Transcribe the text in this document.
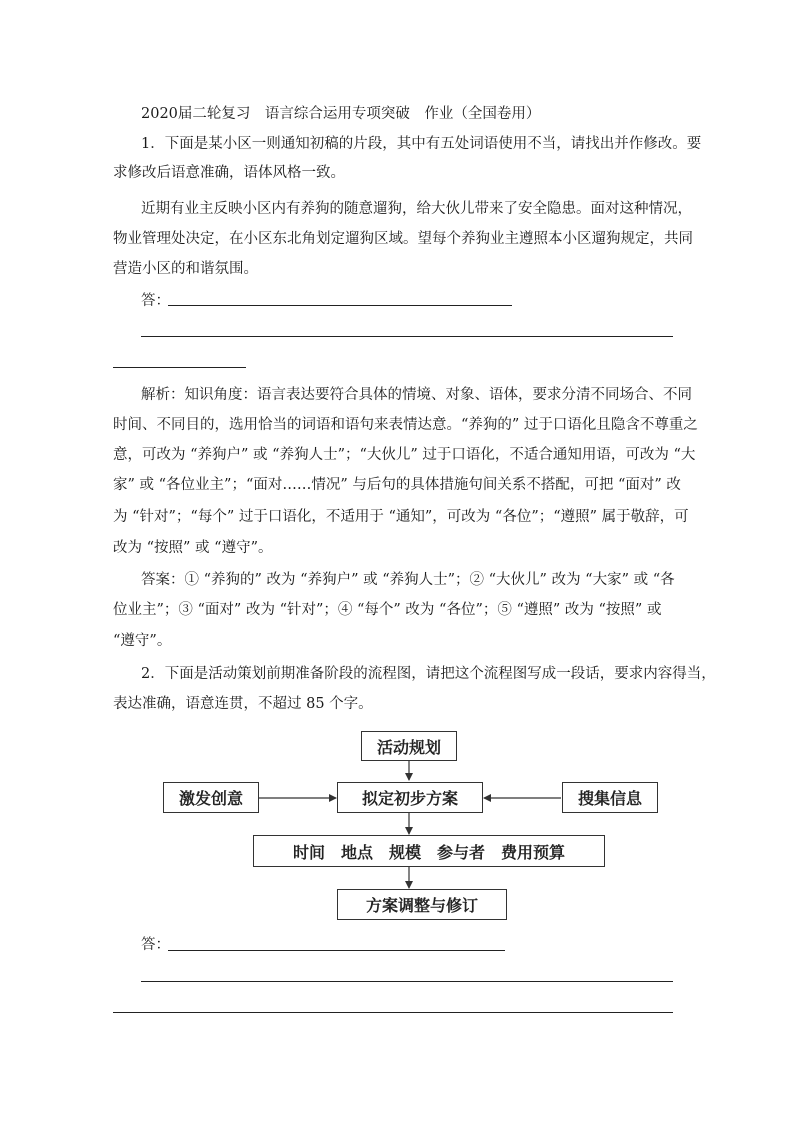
2020届二轮复习　语言综合运用专项突破　作业（全国卷用）
1．下面是某小区一则通知初稿的片段，其中有五处词语使用不当，请找出并作修改。要
求修改后语意准确，语体风格一致。
近期有业主反映小区内有养狗的随意遛狗，给大伙儿带来了安全隐患。面对这种情况，
物业管理处决定，在小区东北角划定遛狗区域。望每个养狗业主遵照本小区遛狗规定，共同
营造小区的和谐氛围。
答：
解析：知识角度：语言表达要符合具体的情境、对象、语体，要求分清不同场合、不同
时间、不同目的，选用恰当的词语和语句来表情达意。“养狗的” 过于口语化且隐含不尊重之
意，可改为 “养狗户” 或 “养狗人士”；“大伙儿” 过于口语化，不适合通知用语，可改为 “大
家” 或 “各位业主”；“面对……情况” 与后句的具体措施句间关系不搭配，可把 “面对” 改
为 “针对”；“每个” 过于口语化，不适用于 “通知”，可改为 “各位”；“遵照” 属于敬辞，可
改为 “按照” 或 “遵守”。
答案：① “养狗的” 改为 “养狗户” 或 “养狗人士”；② “大伙儿” 改为 “大家” 或 “各
位业主”；③ “面对” 改为 “针对”；④ “每个” 改为 “各位”；⑤ “遵照” 改为 “按照” 或
“遵守”。
2．下面是活动策划前期准备阶段的流程图，请把这个流程图写成一段话，要求内容得当，
表达准确，语意连贯，不超过 85 个字。
活动规划
激发创意	拟定初步方案	搜集信息
时间　地点　规模　参与者　费用预算
方案调整与修订
答：
